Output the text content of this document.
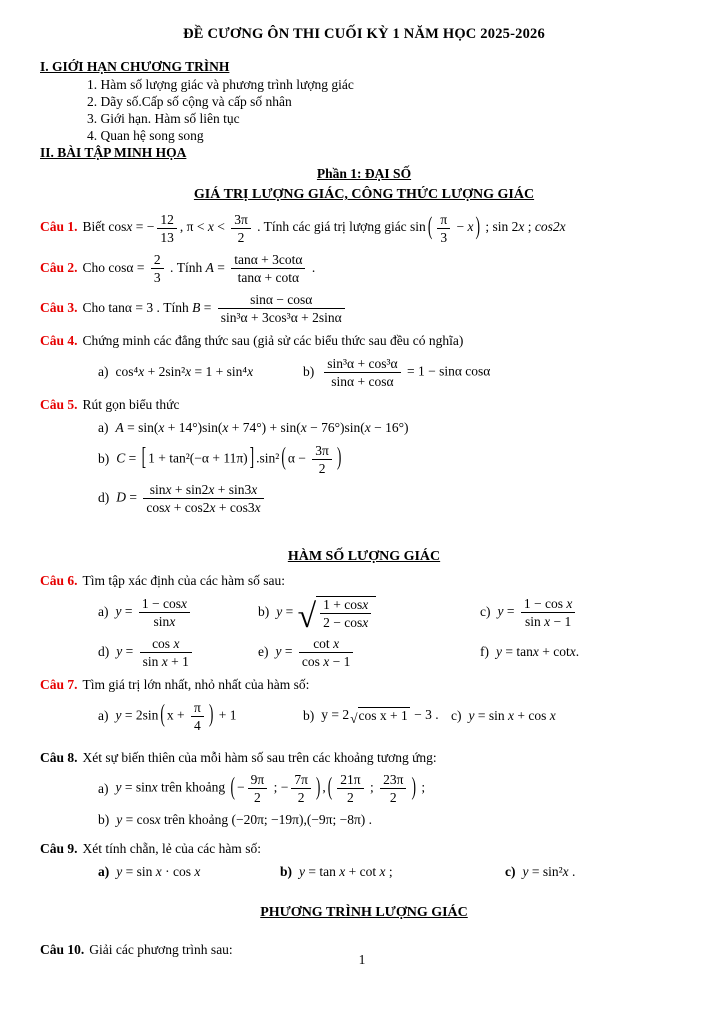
ĐỀ CƯƠNG ÔN THI CUỐI KỲ 1 NĂM HỌC 2025-2026
I. GIỚI HẠN CHƯƠNG TRÌNH
1. Hàm số lượng giác và phương trình lượng giác
2. Dãy số.Cấp số cộng và cấp số nhân
3. Giới hạn. Hàm số liên tục
4. Quan hệ song song
II. BÀI TẬP MINH HỌA
Phần 1: ĐẠI SỐ
GIÁ TRỊ LƯỢNG GIÁC, CÔNG THỨC LƯỢNG GIÁC
Câu 1. Biết cosx = − $\frac{12}{13}$ , $\pi < x < \frac{3\pi}{2}$ . Tính các giá trị lượng giác sin ( $\frac{\pi}{3} - x$ ) ; sin 2x ; cos2x
Câu 2. Cho $\cos\alpha = \frac{2}{3}$ . Tính $A = \frac{\tan\alpha + 3\cot\alpha}{\tan\alpha + \cot\alpha}$ .
Câu 3. Cho tanα = 3 . Tính $B = \frac{\sin\alpha - \cos\alpha}{\text{sin³α + 3cos³α + 2sinα}}$
Câu 4. Chứng minh các đẳng thức sau (giả sử các biểu thức sau đều có nghĩa)
a) cos⁴x + 2sin²x = 1 + sin⁴x	$b) \frac{\text{sin³α + cos³α}}{\sin\alpha + \cos\alpha} = 1 - \sin\alpha$ cosα
Câu 5. Rút gọn biểu thức
a) A = sin(x + 14°)sin(x + 74°) + sin(x − 76°)sin(x − 16°)
b) C = [ 1 + tan²(−α + 11π) ] .sin² ( $\alpha - \frac{3\pi}{2}$ )
d) $D = \frac{\sin x + \sin 2x + \sin 3x}{\cos x + \cos 2x + \cos 3x}$
HÀM SỐ LƯỢNG GIÁC
Câu 6. Tìm tập xác định của các hàm số sau:
a) $y = \frac{1 - \cos x}{\sin x}$	b) y = √ $\frac{1 + \cos x}{2 - \cos x}$	c) $y = \frac{\text{1 − cos x}}{\text{sin x − 1}}$
d) $y = \frac{\text{cos x}}{\text{sin x + 1}}$	e) $y = \frac{\text{cot x}}{\text{cos x − 1}}$	f) y = tanx + cotx.
Câu 7. Tìm giá trị lớn nhất, nhỏ nhất của hàm số:
a) y = 2sin ( $x + \frac{\pi}{4}$ ) + 1	b) y = 2 √ cos x + 1 − 3 . c) y = sin x + cos x
Câu 8. Xét sự biến thiên của mỗi hàm số sau trên các khoảng tương ứng:
a) y = sinx trên khoảng ( − $\frac{9\pi}{2}$ ; − $\frac{7\pi}{2}$ ) , ( $\frac{21\pi}{2}$ ; $\frac{23\pi}{2}$ ) ;
b) y = cosx trên khoảng (−20π; −19π),(−9π; −8π) .
Câu 9. Xét tính chẵn, lẻ của các hàm số:
a) y = sin x · cos x	b) y = tan x + cot x ;	c) y = sin²x .
PHƯƠNG TRÌNH LƯỢNG GIÁC
Câu 10. Giải các phương trình sau:
1
